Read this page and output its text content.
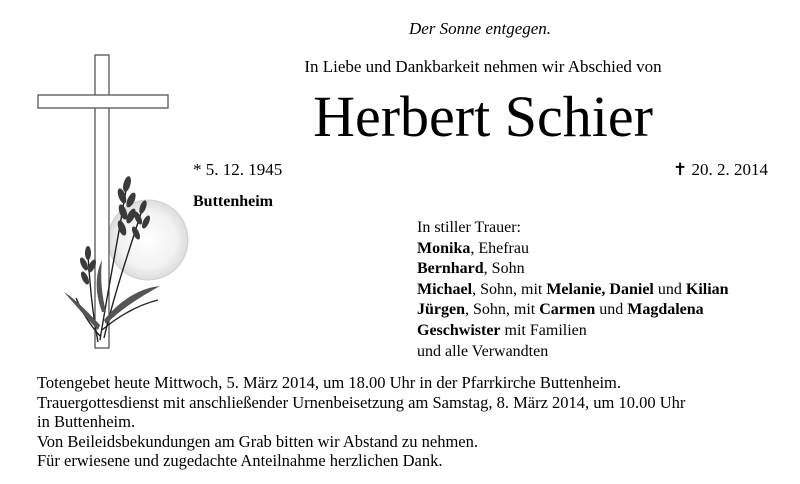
Der Sonne entgegen.
In Liebe und Dankbarkeit nehmen wir Abschied von
Herbert Schier
* 5. 12. 1945	✝ 20. 2. 2014
Buttenheim
In stiller Trauer:
Monika, Ehefrau
Bernhard, Sohn
Michael, Sohn, mit Melanie, Daniel und Kilian
Jürgen, Sohn, mit Carmen und Magdalena
Geschwister mit Familien
und alle Verwandten
Totengebet heute Mittwoch, 5. März 2014, um 18.00 Uhr in der Pfarrkirche Buttenheim.
Trauergottesdienst mit anschließender Urnenbeisetzung am Samstag, 8. März 2014, um 10.00 Uhr
in Buttenheim.
Von Beileidsbekundungen am Grab bitten wir Abstand zu nehmen.
Für erwiesene und zugedachte Anteilnahme herzlichen Dank.
